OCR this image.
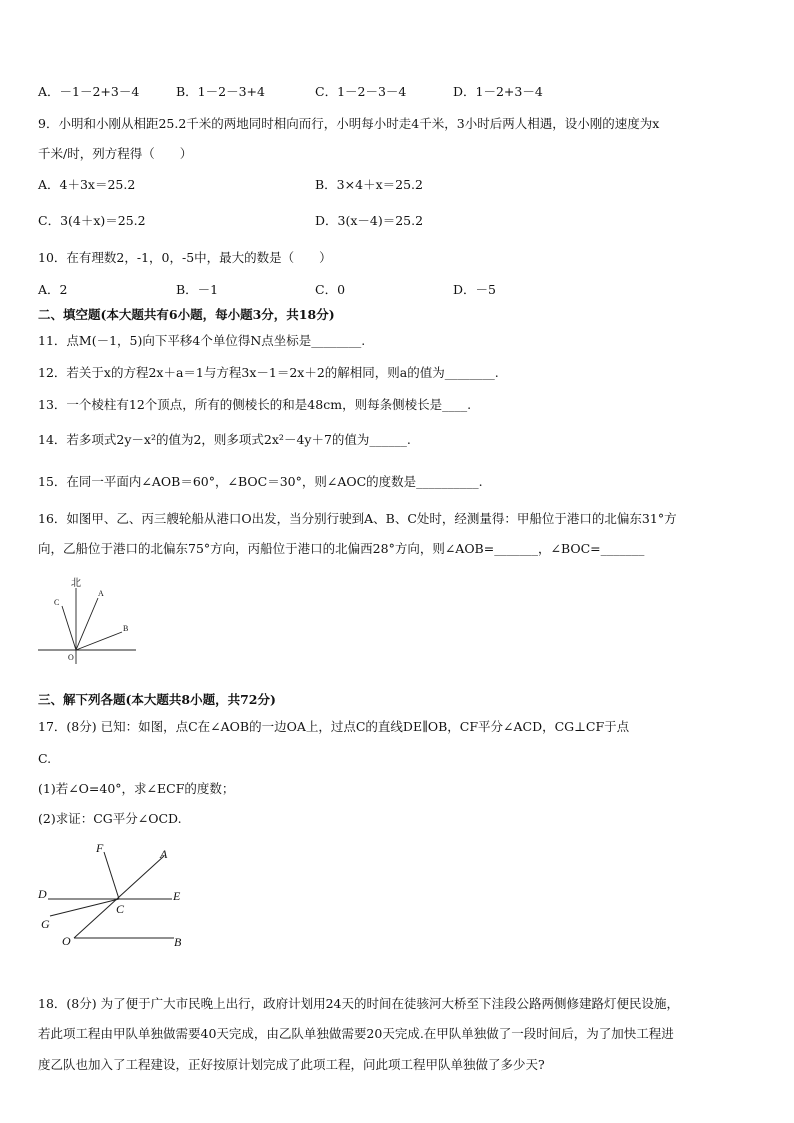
A．－1－2+3－4	B．1－2－3+4	C．1－2－3－4	D．1－2+3－4
9．小明和小刚从相距25.2千米的两地同时相向而行，小明每小时走4千米，3小时后两人相遇，设小刚的速度为x
千米/时，列方程得（　　）
A．4＋3x＝25.2	B．3×4＋x＝25.2
C．3(4＋x)＝25.2	D．3(x－4)＝25.2
10．在有理数2，-1，0，-5中，最大的数是（　　）
A．2	B．－1	C．0	D．－5
二、填空题(本大题共有6小题，每小题3分，共18分)
11．点M(－1，5)向下平移4个单位得N点坐标是________.
12．若关于x的方程2x＋a＝1与方程3x－1＝2x＋2的解相同，则a的值为________.
13．一个棱柱有12个顶点，所有的侧棱长的和是48cm，则每条侧棱长是____.
14．若多项式2y－x²的值为2，则多项式2x²－4y＋7的值为______.
15．在同一平面内∠AOB＝60°，∠BOC＝30°，则∠AOC的度数是__________.
16．如图甲、乙、丙三艘轮船从港口O出发，当分别行驶到A、B、C处时，经测量得：甲船位于港口的北偏东31°方
向，乙船位于港口的北偏东75°方向，丙船位于港口的北偏西28°方向，则∠AOB=_______，∠BOC=_______
北
A
B
C
O
三、解下列各题(本大题共8小题，共72分)
17．(8分) 已知：如图，点C在∠AOB的一边OA上，过点C的直线DE∥OB，CF平分∠ACD，CG⊥CF于点
C.
(1)若∠O=40°，求∠ECF的度数；
(2)求证：CG平分∠OCD.
F	A
D	E
C
G
O	B
18．(8分) 为了便于广大市民晚上出行，政府计划用24天的时间在徒骇河大桥至下洼段公路两侧修建路灯便民设施，
若此项工程由甲队单独做需要40天完成，由乙队单独做需要20天完成.在甲队单独做了一段时间后，为了加快工程进
度乙队也加入了工程建设，正好按原计划完成了此项工程，问此项工程甲队单独做了多少天?
